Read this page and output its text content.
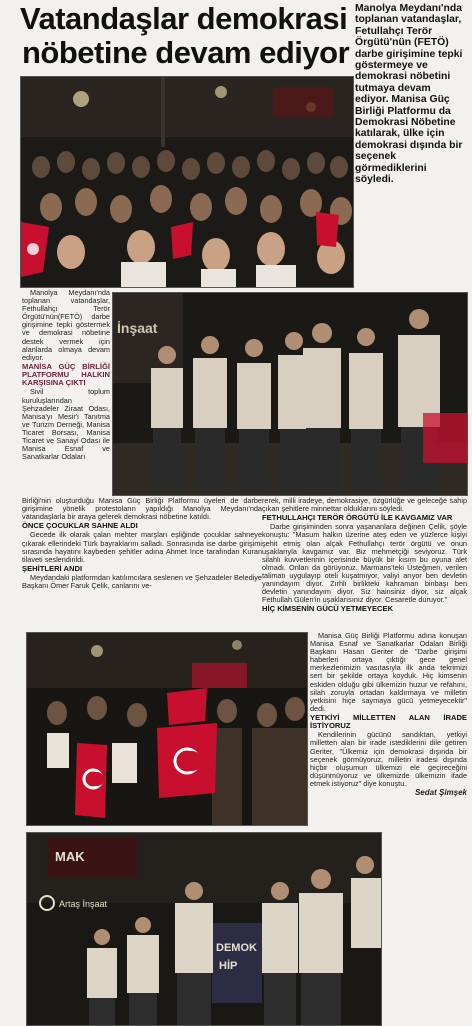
Vatandaşlar demokrasi
nöbetine devam ediyor
Manolya Meydanı'nda toplanan vatandaşlar, Fetullahçı Terör Örgütü'nün (FETÖ) darbe girişimine tepki göstermeye ve demokrasi nöbetini tutmaya devam ediyor. Manisa Güç Birliği Platformu da Demokrasi Nöbetine katılarak, ülke için demokrasi dışında bir seçenek görmediklerini söyledi.

Manolya Meydanı'nda toplanan vatandaşlar, Fethullahçı Terör Örgütü'nün(FETÖ) darbe girişimine tepki göstermek ve demokrasi nöbetine destek vermek için alanlarda olmaya devam ediyor.

MANİSA GÜÇ BİRLİĞİ PLATFORMU HALKIN KARŞISINA ÇIKTI

Sivil toplum kuruluşlarından Şehzadeler Ziraat Odası, Manisa'yı Mesir'i Tanıtma ve Turizm Derneği, Manisa Ticaret Borsası, Manisa Ticaret ve Sanayi Odası ile Manisa Esnaf ve Sanatkarlar Odaları

İnşaat

Birliği'nin oluşturduğu Manisa Güç Birliği Platformu üyeleri de darbe girişimine yönelik protestoların yapıldığı Manolya Meydanı'nda vatandaşlarla bir araya gelerek demokrasi nöbetine katıldı.

ÖNCE ÇOCUKLAR SAHNE ALDI

Gecede ilk olarak çalan mehter marşları eşliğinde çocuklar sahneye çıkarak ellerindeki Türk bayraklarını salladı. Sonrasında ise darbe girişimi sırasında hayatını kaybeden şehitler adına Ahmet İnce tarafından Kuran tilaveti seslendirildi.

ŞEHİTLERİ ANDI

Meydandaki platformdan katılımcılara seslenen ve Şehzadeler Belediye Başkanı Ömer Faruk Çelik, canlarını ve-

rerek, milli iradeye, demokrasiye, özgürlüğe ve geleceğe sahip çıkan şehitlere minnettar olduklarını söyledi.

FETHULLAHÇI TERÖR ÖRGÜTÜ İLE KAVGAMIZ VAR

Darbe girişiminden sonra yaşananlara değinen Çelik, şöyle konuştu: "Masum halkın üzerine ateş eden ve yüzlerce kişiyi şehit etmiş olan alçak Fethullahçı terör örgütü ve onun uşaklarıyla kavgamız var. Biz mehmetçiği seviyoruz. Türk silahlı kuvvetlerinin içerisinde büyük bir kısım bu oyuna alet olmadı. Onları da görüyoruz. Marmaris'teki Üsteğmen, verilen talimatı uygulayıp oteli kuşatmıyor, valiyi arıyor ben devletin yanındayım diyor. Zırhlı birlikteki kahraman binbaşı ben devletin yanındayım diyor. Siz hainsiniz diyor, siz alçak Fethullah Gülen'in uşaklarısınız diyor. Cesaretle duruyor."

HİÇ KİMSENİN GÜCÜ YETMEYECEK

Manisa Güç Birliği Platformu adına konuşan Manisa Esnaf ve Sanatkarlar Odaları Birliği Başkanı Hasan Geriter de "Darbe girişimi haberleri ortaya çıktığı gece genel merkezlerimizin vasıtasıyla ilk anda tekrimizi sert bir şekilde ortaya koyduk. Hiç kimsenin eskiden olduğu gibi ülkemizin huzur ve refahını, silah zoruyla ortadan kaldırmaya ve milletin yetkisini hiçe saymaya gücü yetmeyecektir" dedi.

YETKİYİ MİLLETTEN ALAN İRADE İSTİYORUZ

Kendilerinin gücünü sandıktan, yetkiyi milletten alan bir irade istediklerini dile getiren Geriter, "Ülkemiz için demokrasi dışında bir seçenek görmüyoruz, milletin iradesi dışında hiçbir oluşumun ülkemizi ele geçireceğini düşünmüyoruz ve ülkemizde ülkemizin ifade etmek istiyoruz" diye konuştu.

Sedat Şimşek
MAK
Artaş İnşaat
DEMOK
HİP
